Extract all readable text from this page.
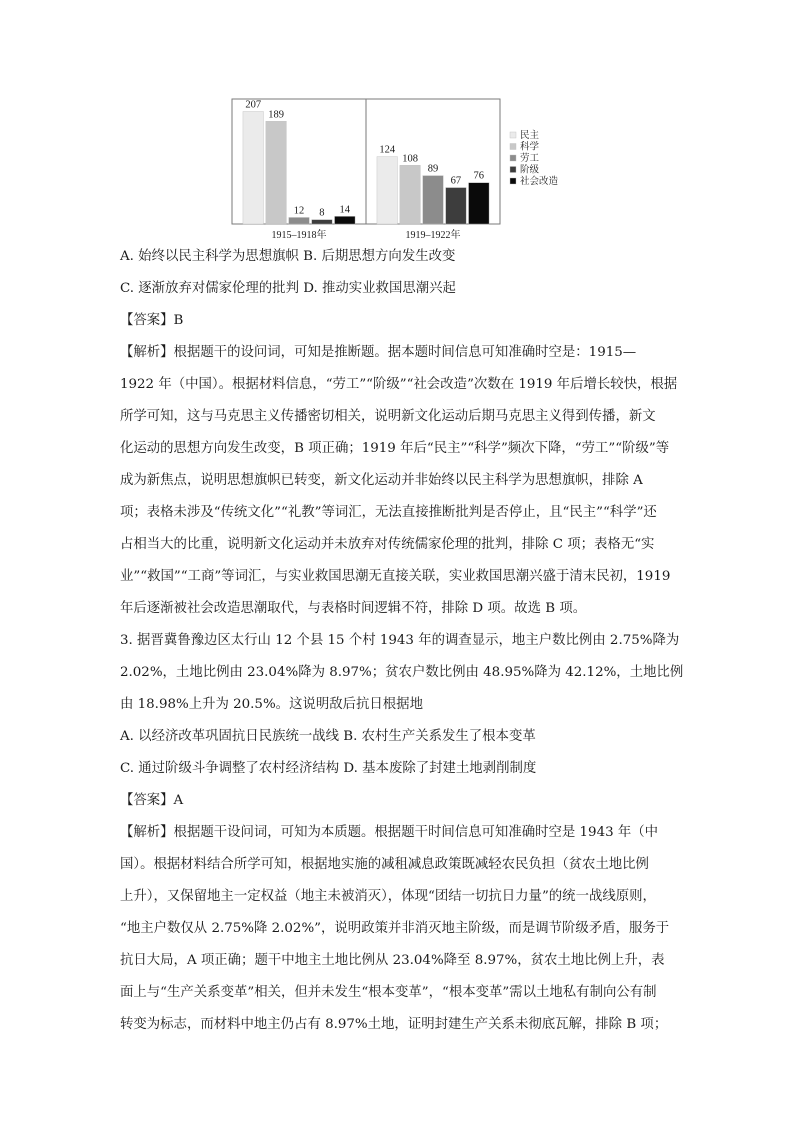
207
189
12 8 14
124
108
89
67 76
1915–1918年	1919–1922年
民主
科学
劳工
阶级
社会改造
A. 始终以民主科学为思想旗帜 B. 后期思想方向发生改变
C. 逐渐放弃对儒家伦理的批判 D. 推动实业救国思潮兴起
【答案】B
【解析】根据题干的设问词，可知是推断题。据本题时间信息可知准确时空是：1915—
1922 年（中国）。根据材料信息，“劳工”“阶级”“社会改造”次数在 1919 年后增长较快，根据
所学可知，这与马克思主义传播密切相关，说明新文化运动后期马克思主义得到传播，新文
化运动的思想方向发生改变，B 项正确；1919 年后“民主”“科学”频次下降，“劳工”“阶级”等
成为新焦点，说明思想旗帜已转变，新文化运动并非始终以民主科学为思想旗帜，排除 A
项；表格未涉及“传统文化”“礼教”等词汇，无法直接推断批判是否停止，且“民主”“科学”还
占相当大的比重，说明新文化运动并未放弃对传统儒家伦理的批判，排除 C 项；表格无“实
业”“救国”“工商”等词汇，与实业救国思潮无直接关联，实业救国思潮兴盛于清末民初，1919
年后逐渐被社会改造思潮取代，与表格时间逻辑不符，排除 D 项。故选 B 项。
3. 据晋冀鲁豫边区太行山 12 个县 15 个村 1943 年的调查显示，地主户数比例由 2.75%降为
2.02%，土地比例由 23.04%降为 8.97%；贫农户数比例由 48.95%降为 42.12%，土地比例
由 18.98%上升为 20.5%。这说明敌后抗日根据地
A. 以经济改革巩固抗日民族统一战线 B. 农村生产关系发生了根本变革
C. 通过阶级斗争调整了农村经济结构 D. 基本废除了封建土地剥削制度
【答案】A
【解析】根据题干设问词，可知为本质题。根据题干时间信息可知准确时空是 1943 年（中
国）。根据材料结合所学可知，根据地实施的减租减息政策既减轻农民负担（贫农土地比例
上升），又保留地主一定权益（地主未被消灭），体现“团结一切抗日力量”的统一战线原则，
“地主户数仅从 2.75%降 2.02%”，说明政策并非消灭地主阶级，而是调节阶级矛盾，服务于
抗日大局，A 项正确；题干中地主土地比例从 23.04%降至 8.97%，贫农土地比例上升，表
面上与“生产关系变革”相关，但并未发生“根本变革”，“根本变革”需以土地私有制向公有制
转变为标志，而材料中地主仍占有 8.97%土地，证明封建生产关系未彻底瓦解，排除 B 项；
